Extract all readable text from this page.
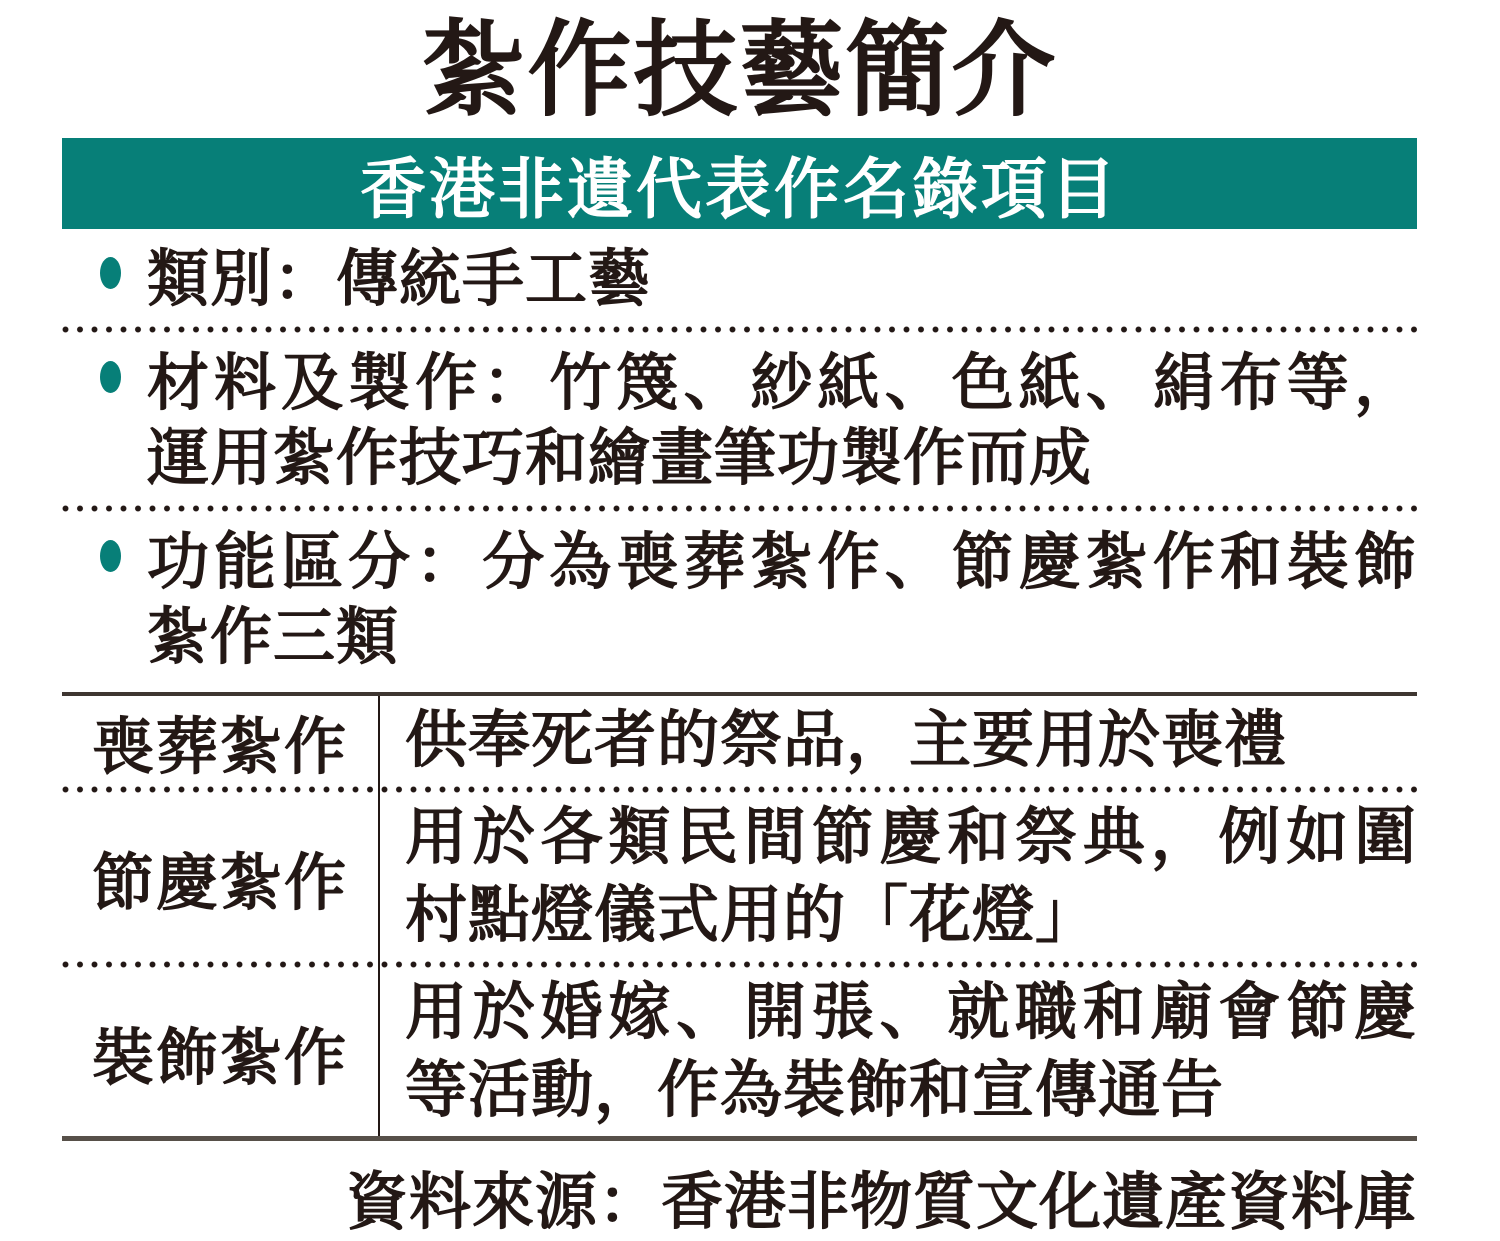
紮作技藝簡介
香港非遺代表作名錄項目
類別：傳統手工藝
材料及製作：竹篾、紗紙、色紙、絹布等，
運用紮作技巧和繪畫筆功製作而成
功能區分：分為喪葬紮作、節慶紮作和裝飾
紮作三類
喪葬紮作 供奉死者的祭品，主要用於喪禮
節慶紮作
用於各類民間節慶和祭典，例如圍
村點燈儀式用的「花燈」
裝飾紮作
用於婚嫁、開張、就職和廟會節慶
等活動，作為裝飾和宣傳通告
資料來源：香港非物質文化遺產資料庫
